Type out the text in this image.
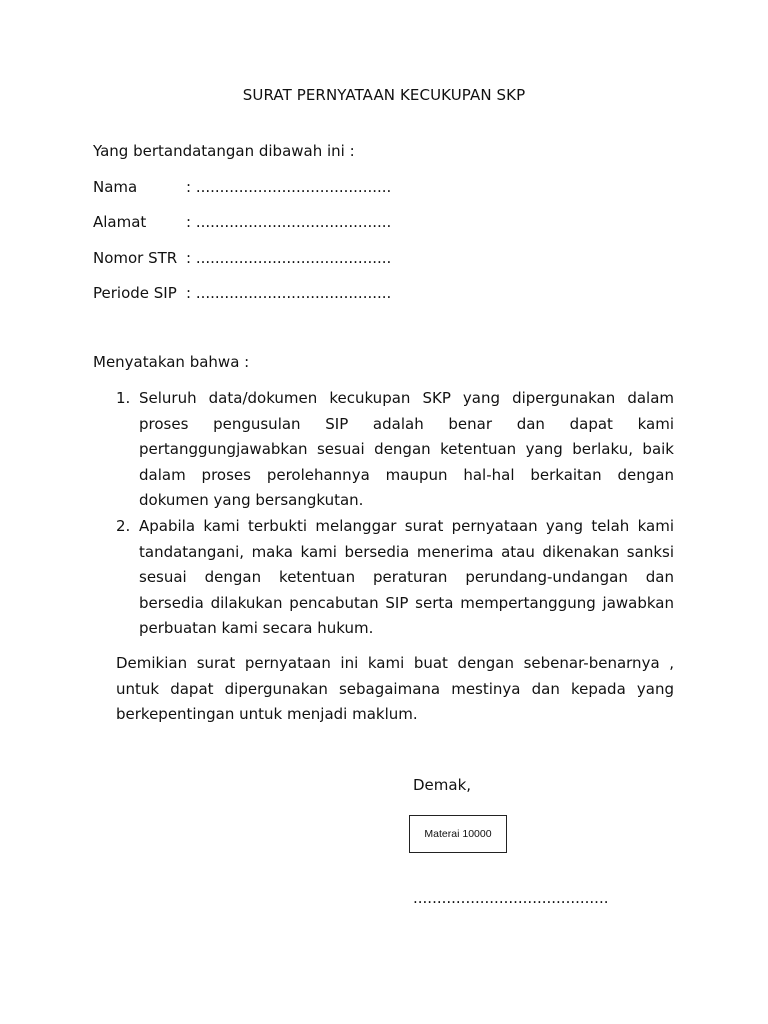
SURAT PERNYATAAN KECUKUPAN SKP
Yang bertandatangan dibawah ini :
Nama	: .........................................
Alamat	: .........................................
Nomor STR : .........................................
Periode SIP : .........................................
Menyatakan bahwa :
1. Seluruh data/dokumen kecukupan SKP yang dipergunakan dalam proses pengusulan SIP adalah benar dan dapat kami pertanggungjawabkan sesuai dengan ketentuan yang berlaku, baik dalam proses perolehannya maupun hal-hal berkaitan dengan dokumen yang bersangkutan.
2. Apabila kami terbukti melanggar surat pernyataan yang telah kami tandatangani, maka kami bersedia menerima atau dikenakan sanksi sesuai dengan ketentuan peraturan perundang-undangan dan bersedia dilakukan pencabutan SIP serta mempertanggung jawabkan perbuatan kami secara hukum.
Demikian surat pernyataan ini kami buat dengan sebenar-benarnya , untuk dapat dipergunakan sebagaimana mestinya dan kepada yang berkepentingan untuk menjadi maklum.
Demak,
Materai 10000
.........................................
